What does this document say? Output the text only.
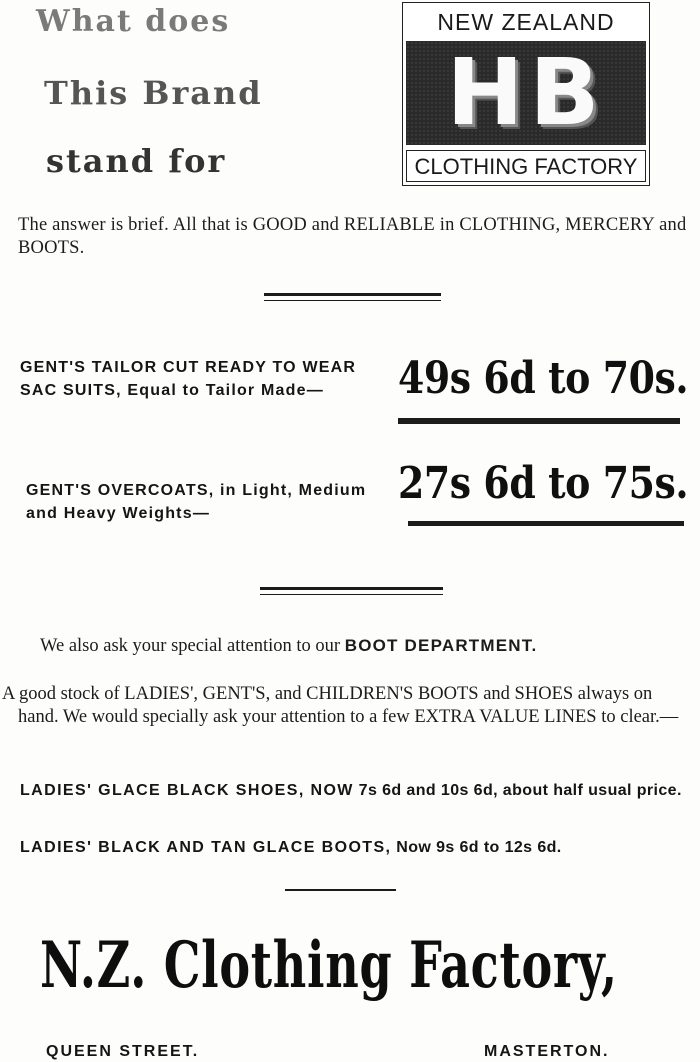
What does
This Brand
stand for
NEW ZEALAND
HB
CLOTHING FACTORY
The answer is brief. All that is GOOD and RELIABLE in CLOTHING, MERCERY and BOOTS.
GENT'S TAILOR CUT READY TO WEAR SAC SUITS, Equal to Tailor Made—	49s 6d to 70s.
GENT'S OVERCOATS, in Light, Medium and Heavy Weights—
27s 6d to 75s.
We also ask your special attention to our BOOT DEPARTMENT.
A good stock of LADIES', GENT'S, and CHILDREN'S BOOTS and SHOES always on hand. We would specially ask your attention to a few EXTRA VALUE LINES to clear.—
LADIES' GLACE BLACK SHOES, NOW 7s 6d and 10s 6d, about half usual price.
LADIES' BLACK AND TAN GLACE BOOTS, Now 9s 6d to 12s 6d.
N.Z. Clothing Factory,
QUEEN STREET.	MASTERTON.
